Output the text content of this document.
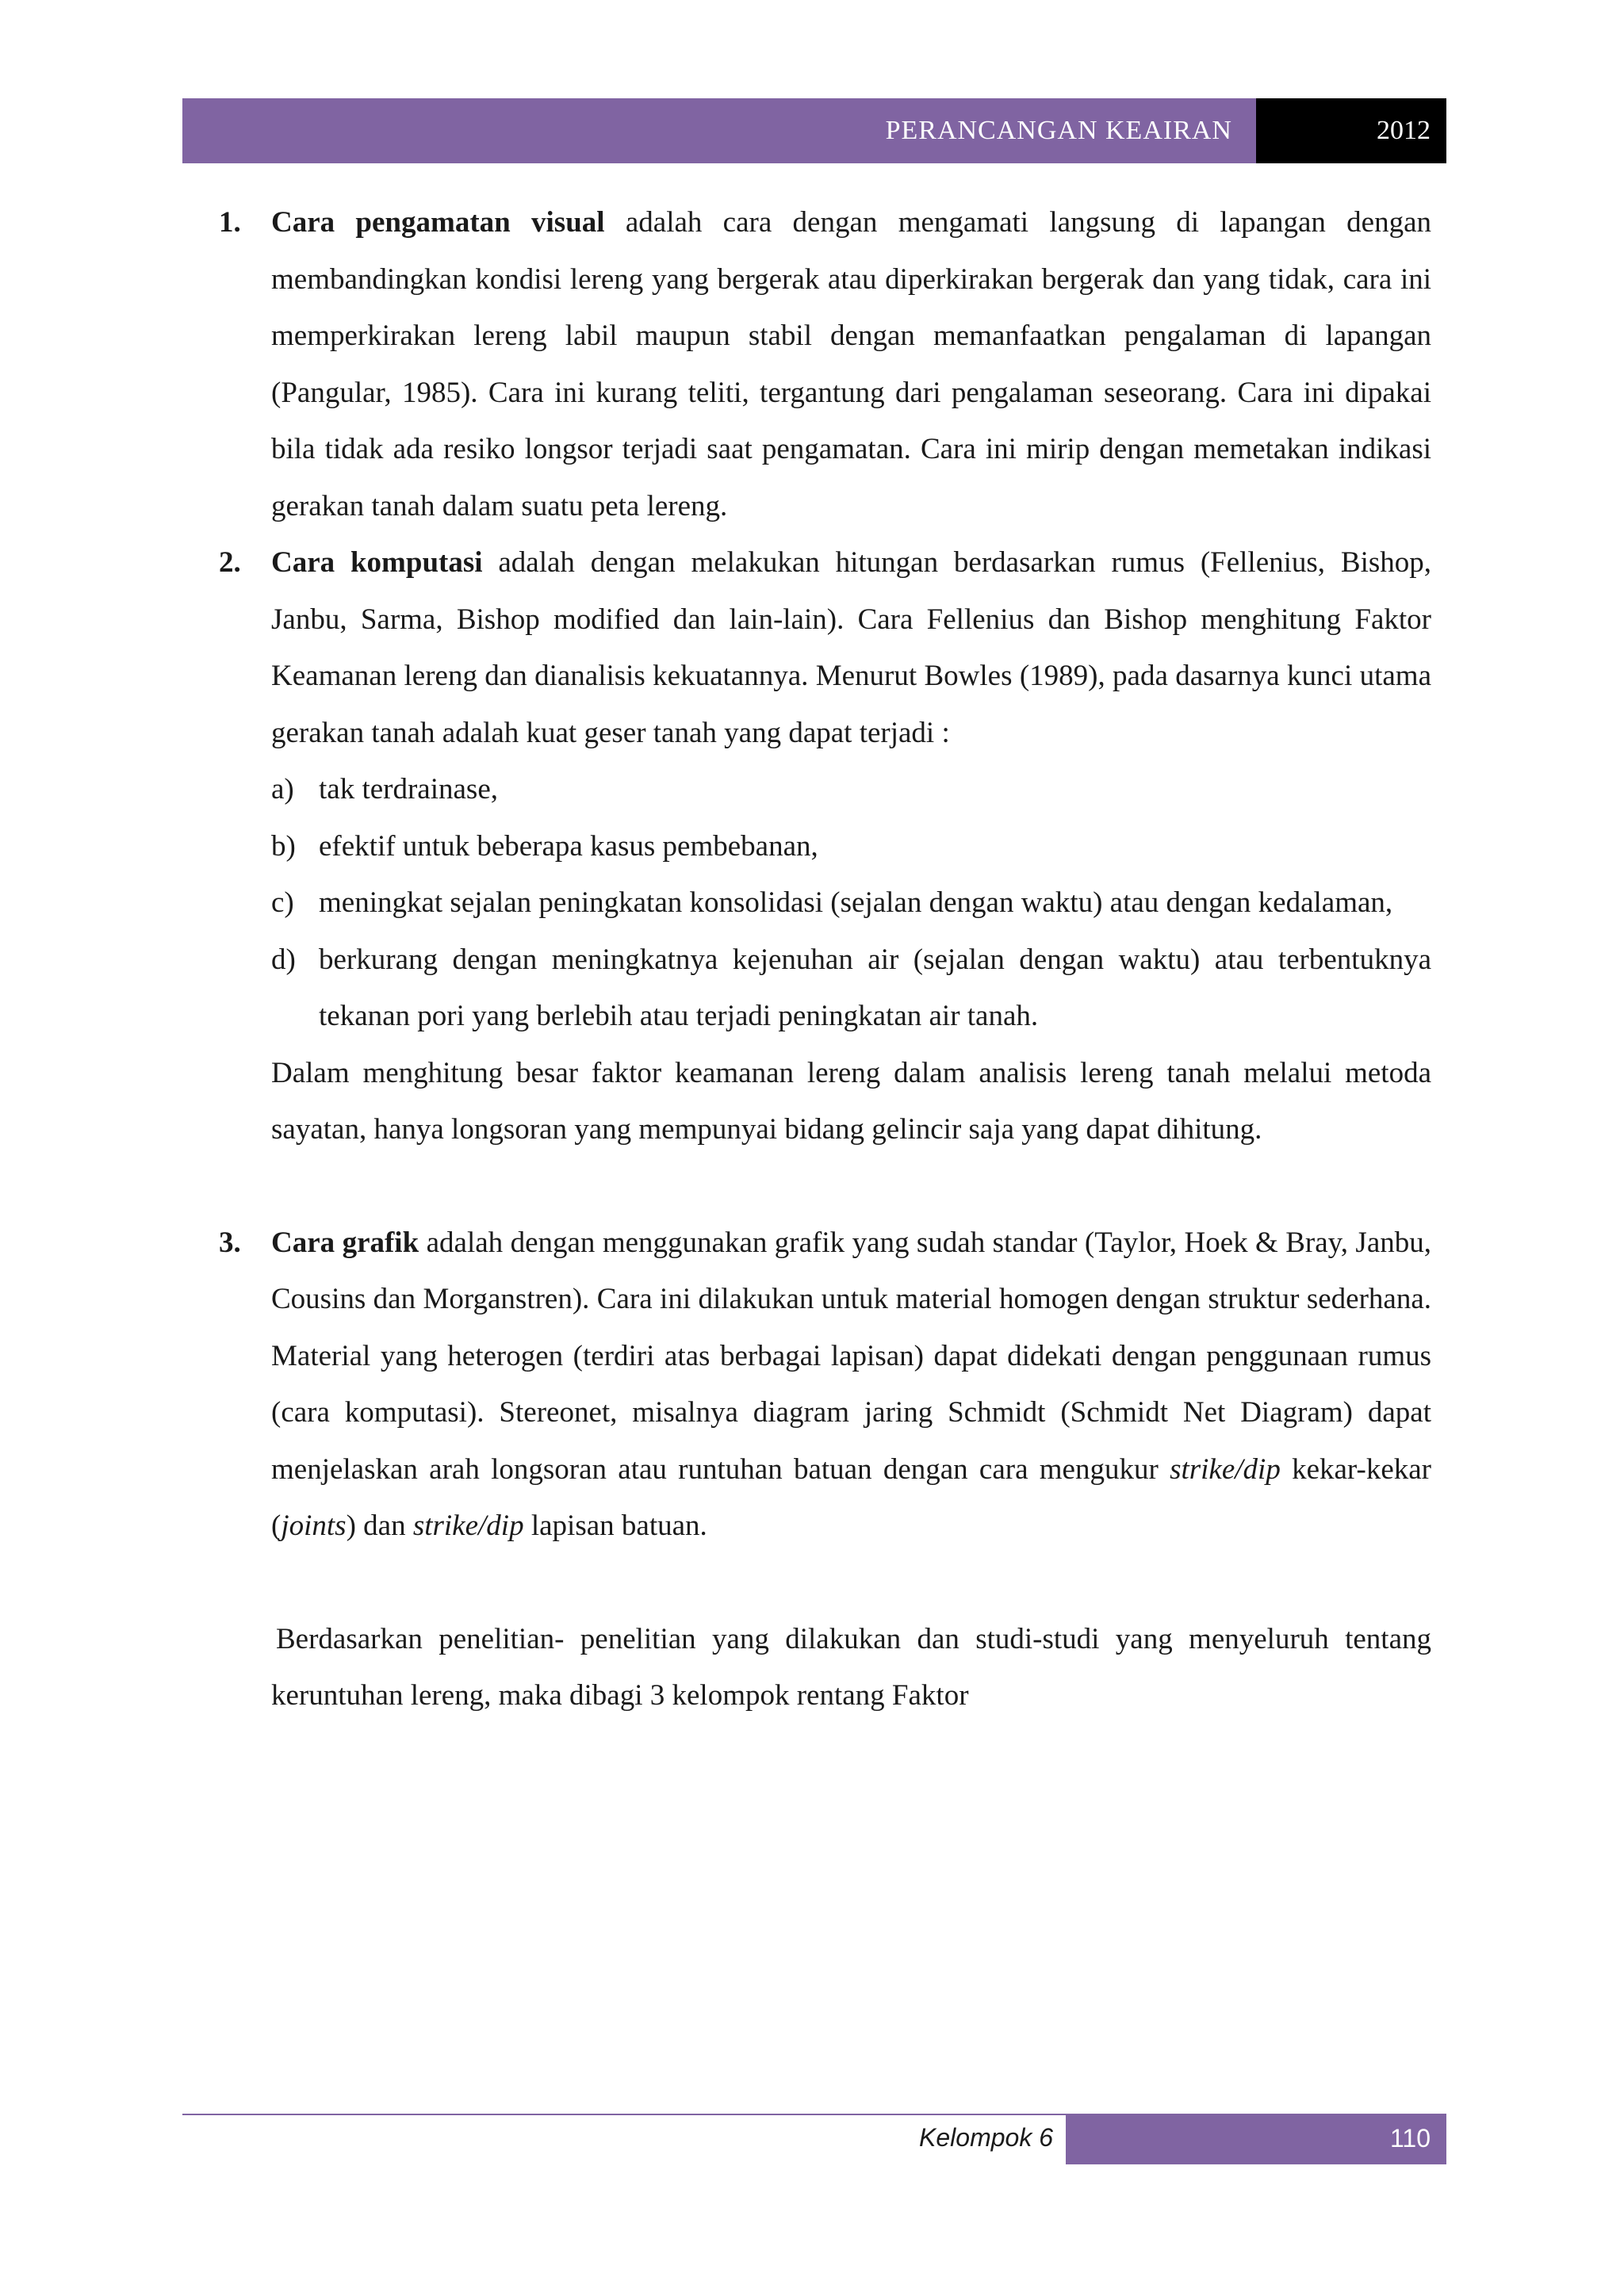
PERANCANGAN KEAIRAN	2012
1. Cara pengamatan visual adalah cara dengan mengamati langsung di lapangan dengan membandingkan kondisi lereng yang bergerak atau diperkirakan bergerak dan yang tidak, cara ini memperkirakan lereng labil maupun stabil dengan memanfaatkan pengalaman di lapangan (Pangular, 1985). Cara ini kurang teliti, tergantung dari pengalaman seseorang. Cara ini dipakai bila tidak ada resiko longsor terjadi saat pengamatan. Cara ini mirip dengan memetakan indikasi gerakan tanah dalam suatu peta lereng.
2. Cara komputasi adalah dengan melakukan hitungan berdasarkan rumus (Fellenius, Bishop, Janbu, Sarma, Bishop modified dan lain-lain). Cara Fellenius dan Bishop menghitung Faktor Keamanan lereng dan dianalisis kekuatannya. Menurut Bowles (1989), pada dasarnya kunci utama gerakan tanah adalah kuat geser tanah yang dapat terjadi :
a) tak terdrainase,
b) efektif untuk beberapa kasus pembebanan,
c) meningkat sejalan peningkatan konsolidasi (sejalan dengan waktu) atau dengan kedalaman,
d) berkurang dengan meningkatnya kejenuhan air (sejalan dengan waktu) atau terbentuknya tekanan pori yang berlebih atau terjadi peningkatan air tanah.
Dalam menghitung besar faktor keamanan lereng dalam analisis lereng tanah melalui metoda sayatan, hanya longsoran yang mempunyai bidang gelincir saja yang dapat dihitung.
3. Cara grafik adalah dengan menggunakan grafik yang sudah standar (Taylor, Hoek & Bray, Janbu, Cousins dan Morganstren). Cara ini dilakukan untuk material homogen dengan struktur sederhana. Material yang heterogen (terdiri atas berbagai lapisan) dapat didekati dengan penggunaan rumus (cara komputasi). Stereonet, misalnya diagram jaring Schmidt (Schmidt Net Diagram) dapat menjelaskan arah longsoran atau runtuhan batuan dengan cara mengukur strike/dip kekar-kekar (joints) dan strike/dip lapisan batuan.
Berdasarkan penelitian- penelitian yang dilakukan dan studi-studi yang menyeluruh tentang keruntuhan lereng, maka dibagi 3 kelompok rentang Faktor
Kelompok 6	110
